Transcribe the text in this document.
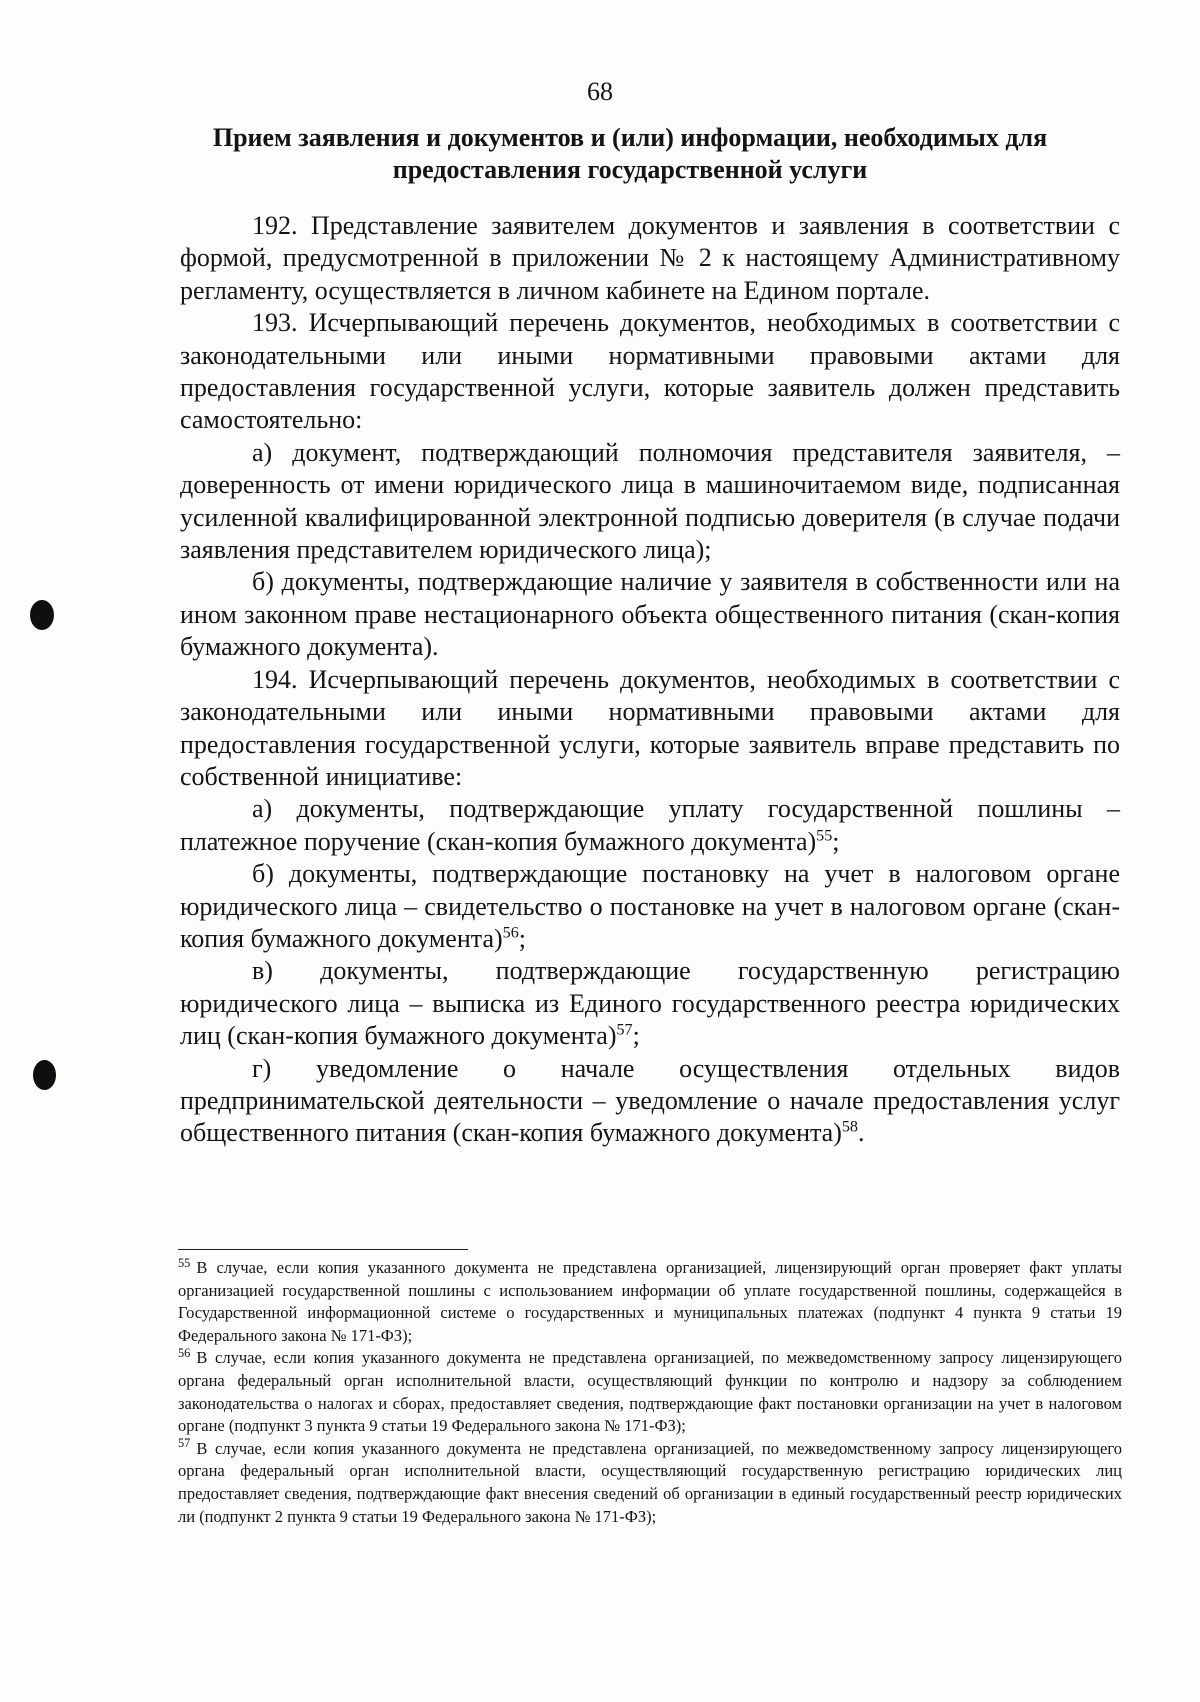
68
Прием заявления и документов и (или) информации, необходимых для предоставления государственной услуги

192. Представление заявителем документов и заявления в соответствии с формой, предусмотренной в приложении № 2 к настоящему Административному регламенту, осуществляется в личном кабинете на Едином портале.

193. Исчерпывающий перечень документов, необходимых в соответствии с законодательными или иными нормативными правовыми актами для предоставления государственной услуги, которые заявитель должен представить самостоятельно:

а) документ, подтверждающий полномочия представителя заявителя, – доверенность от имени юридического лица в машиночитаемом виде, подписанная усиленной квалифицированной электронной подписью доверителя (в случае подачи заявления представителем юридического лица);

б) документы, подтверждающие наличие у заявителя в собственности или на ином законном праве нестационарного объекта общественного питания (скан-копия бумажного документа).

194. Исчерпывающий перечень документов, необходимых в соответствии с законодательными или иными нормативными правовыми актами для предоставления государственной услуги, которые заявитель вправе представить по собственной инициативе:

а) документы, подтверждающие уплату государственной пошлины – платежное поручение (скан-копия бумажного документа)$^{55}$;

б) документы, подтверждающие постановку на учет в налоговом органе юридического лица – свидетельство о постановке на учет в налоговом органе (скан-копия бумажного документа)$^{56}$;

в) документы, подтверждающие государственную регистрацию юридического лица – выписка из Единого государственного реестра юридических лиц (скан-копия бумажного документа)$^{57}$;

г) уведомление о начале осуществления отдельных видов предпринимательской деятельности – уведомление о начале предоставления услуг общественного питания (скан-копия бумажного документа)$^{58}$.

$^{55}$ В случае, если копия указанного документа не представлена организацией, лицензирующий орган проверяет факт уплаты организацией государственной пошлины с использованием информации об уплате государственной пошлины, содержащейся в Государственной информационной системе о государственных и муниципальных платежах (подпункт 4 пункта 9 статьи 19 Федерального закона № 171-ФЗ);

$^{56}$ В случае, если копия указанного документа не представлена организацией, по межведомственному запросу лицензирующего органа федеральный орган исполнительной власти, осуществляющий функции по контролю и надзору за соблюдением законодательства о налогах и сборах, предоставляет сведения, подтверждающие факт постановки организации на учет в налоговом органе (подпункт 3 пункта 9 статьи 19 Федерального закона № 171-ФЗ);

$^{57}$ В случае, если копия указанного документа не представлена организацией, по межведомственному запросу лицензирующего органа федеральный орган исполнительной власти, осуществляющий государственную регистрацию юридических лиц предоставляет сведения, подтверждающие факт внесения сведений об организации в единый государственный реестр юридических ли (подпункт 2 пункта 9 статьи 19 Федерального закона № 171-ФЗ);
